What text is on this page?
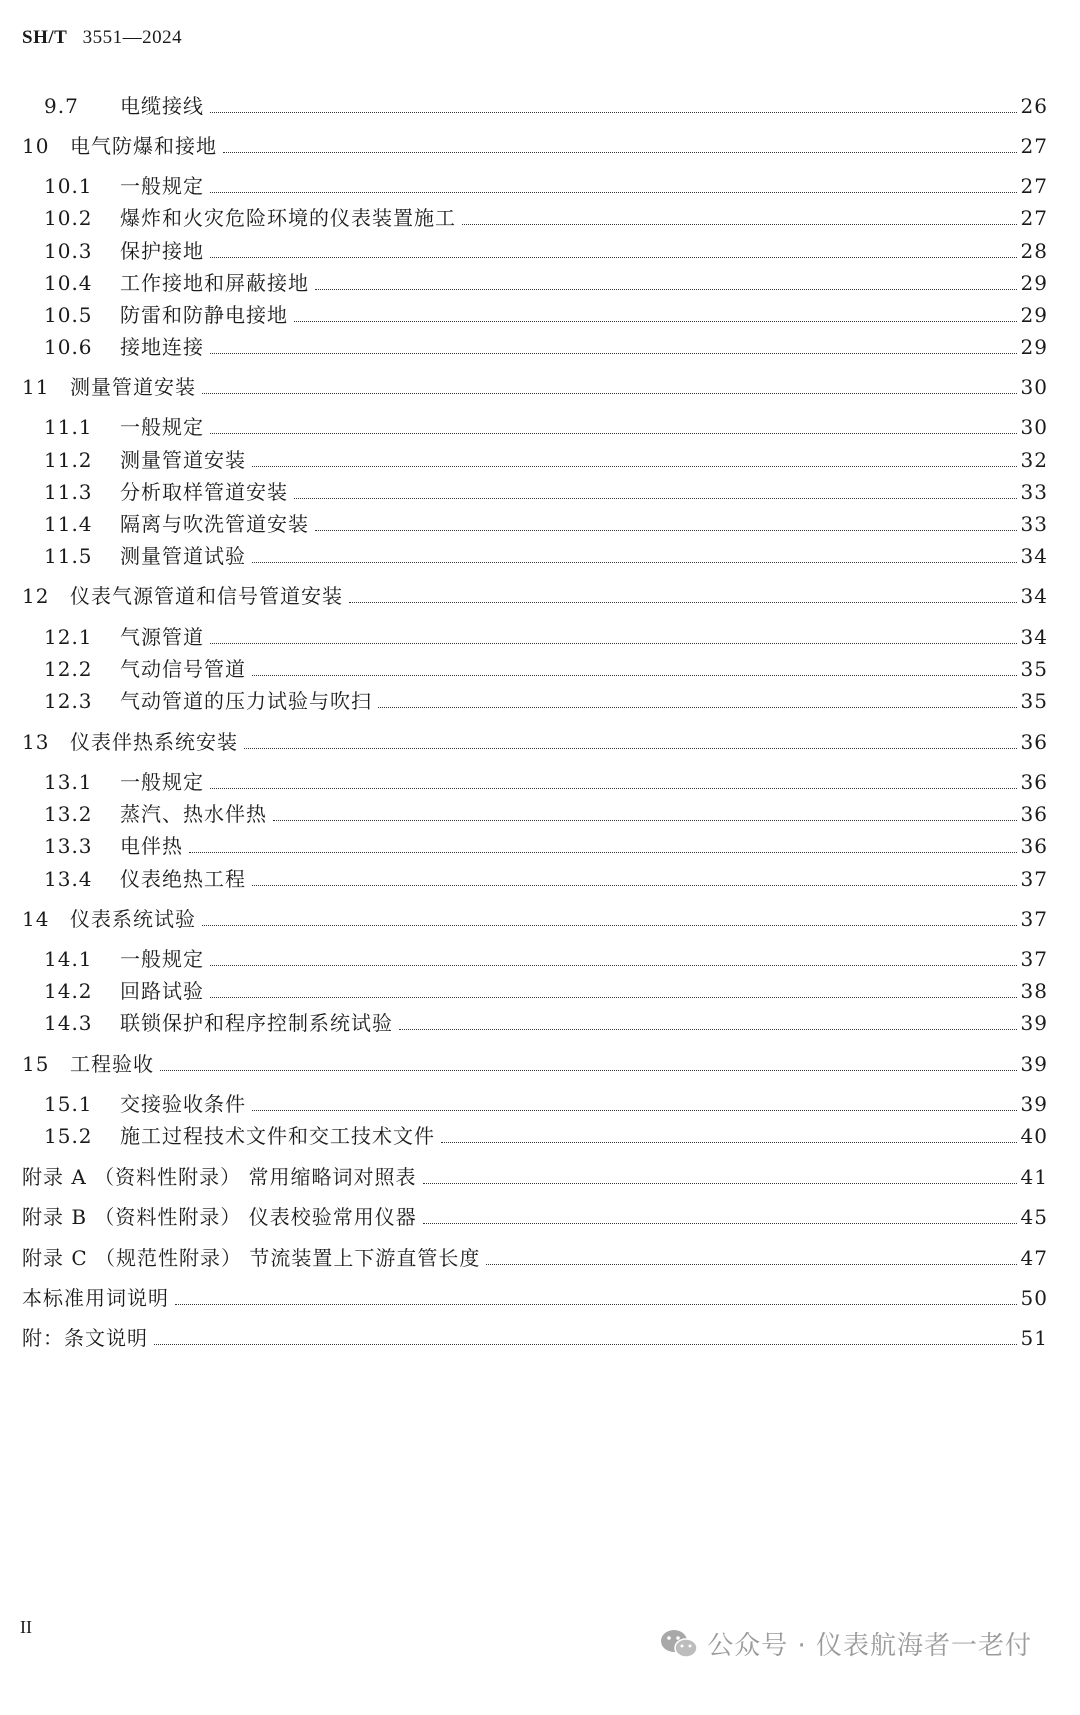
SH/T 3551—2024
9.7	电缆接线	26
10	电气防爆和接地	27
10.1	一般规定	27
10.2	爆炸和火灾危险环境的仪表装置施工	27
10.3	保护接地	28
10.4	工作接地和屏蔽接地	29
10.5	防雷和防静电接地	29
10.6	接地连接	29
11	测量管道安装	30
11.1	一般规定	30
11.2	测量管道安装	32
11.3	分析取样管道安装	33
11.4	隔离与吹洗管道安装	33
11.5	测量管道试验	34
12	仪表气源管道和信号管道安装	34
12.1	气源管道	34
12.2	气动信号管道	35
12.3	气动管道的压力试验与吹扫	35
13	仪表伴热系统安装	36
13.1	一般规定	36
13.2	蒸汽、热水伴热	36
13.3	电伴热	36
13.4	仪表绝热工程	37
14	仪表系统试验	37
14.1	一般规定	37
14.2	回路试验	38
14.3	联锁保护和程序控制系统试验	39
15	工程验收	39
15.1	交接验收条件	39
15.2	施工过程技术文件和交工技术文件	40
附录 A （资料性附录） 常用缩略词对照表	41
附录 B （资料性附录） 仪表校验常用仪器	45
附录 C （规范性附录） 节流装置上下游直管长度	47
本标准用词说明	50
附：条文说明	51
II
公众号 · 仪表航海者一老付
